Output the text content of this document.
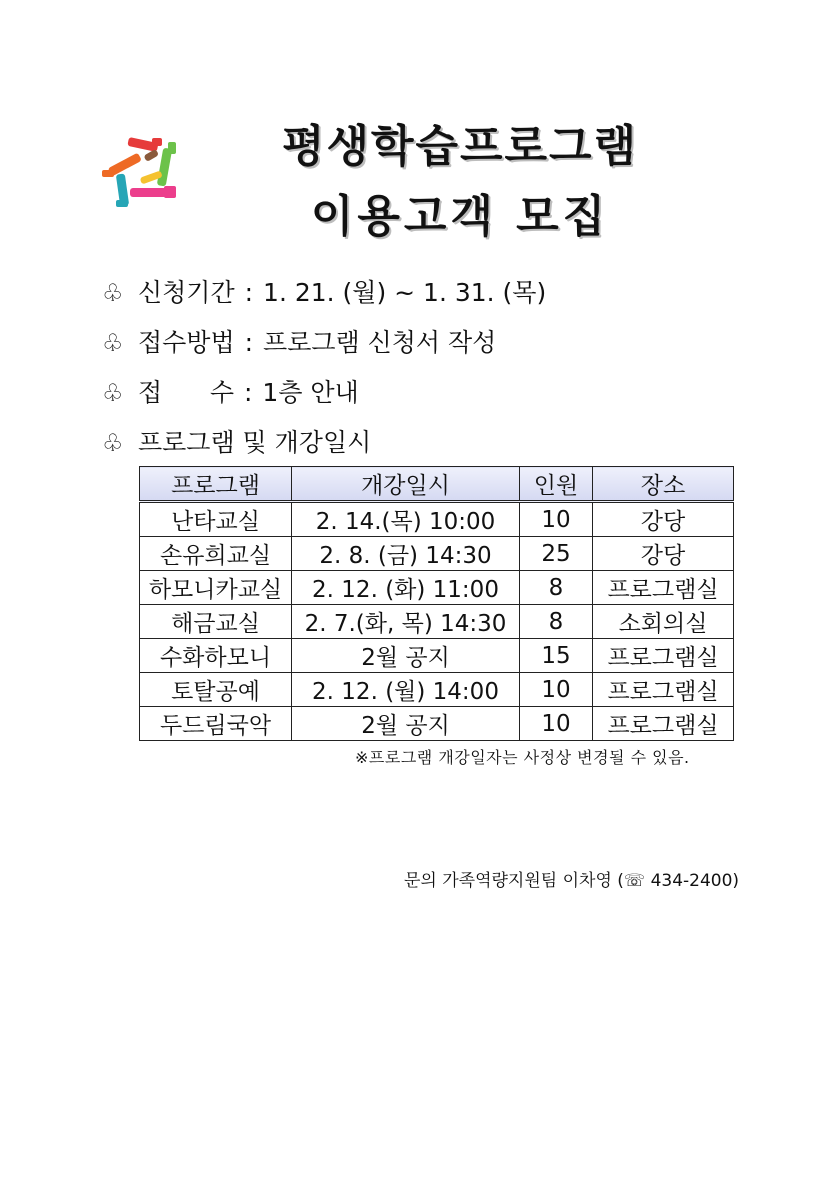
평생학습프로그램
이용고객 모집
♧ 신청기간 : 1. 21. (월) ~ 1. 31. (목)
♧ 접수방법 : 프로그램 신청서 작성
♧ 접      수 : 1층 안내
♧ 프로그램 및 개강일시
프로그램	개강일시	인원	장소
난타교실	2. 14.(목) 10:00	10	강당
손유희교실	2. 8. (금) 14:30	25	강당
하모니카교실	2. 12. (화) 11:00	8	프로그램실
해금교실	2. 7.(화, 목) 14:30	8	소회의실
수화하모니	2월 공지	15	프로그램실
토탈공예	2. 12. (월) 14:00	10	프로그램실
두드림국악	2월 공지	10	프로그램실
※프로그램 개강일자는 사정상 변경될 수 있음.
문의 가족역량지원팀 이차영 (☏ 434-2400)
